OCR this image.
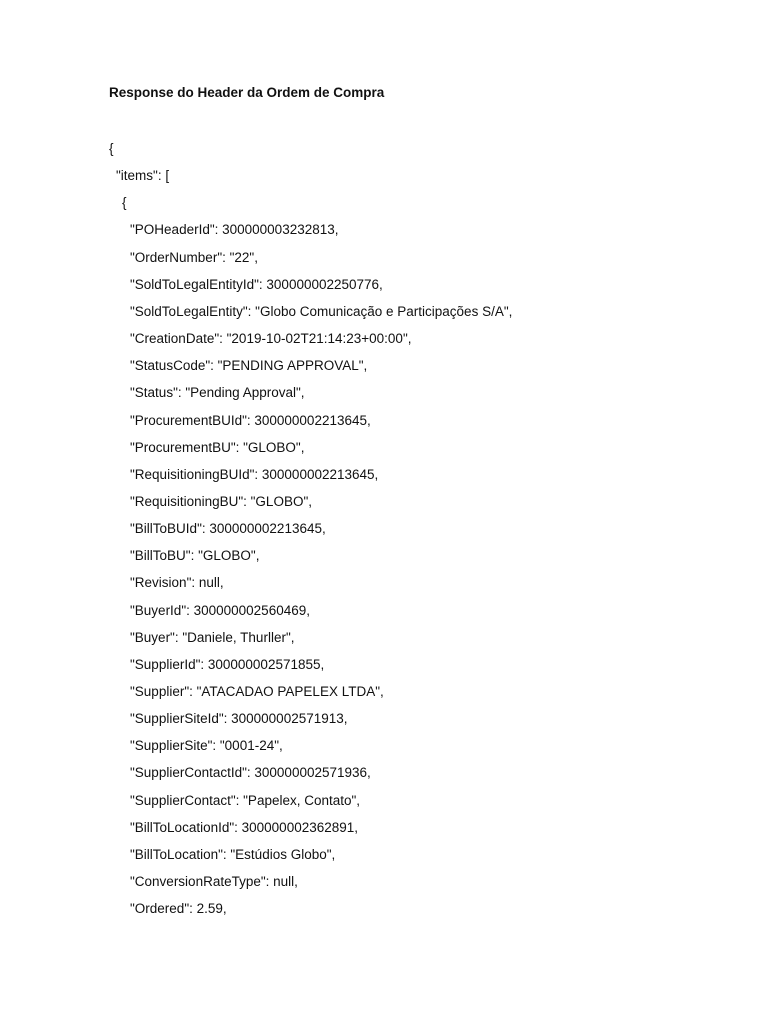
Response do Header da Ordem de Compra
{
"items": [
{
"POHeaderId": 300000003232813,
"OrderNumber": "22",
"SoldToLegalEntityId": 300000002250776,
"SoldToLegalEntity": "Globo Comunicação e Participações S/A",
"CreationDate": "2019-10-02T21:14:23+00:00",
"StatusCode": "PENDING APPROVAL",
"Status": "Pending Approval",
"ProcurementBUId": 300000002213645,
"ProcurementBU": "GLOBO",
"RequisitioningBUId": 300000002213645,
"RequisitioningBU": "GLOBO",
"BillToBUId": 300000002213645,
"BillToBU": "GLOBO",
"Revision": null,
"BuyerId": 300000002560469,
"Buyer": "Daniele, Thurller",
"SupplierId": 300000002571855,
"Supplier": "ATACADAO PAPELEX LTDA",
"SupplierSiteId": 300000002571913,
"SupplierSite": "0001-24",
"SupplierContactId": 300000002571936,
"SupplierContact": "Papelex, Contato",
"BillToLocationId": 300000002362891,
"BillToLocation": "Estúdios Globo",
"ConversionRateType": null,
"Ordered": 2.59,
